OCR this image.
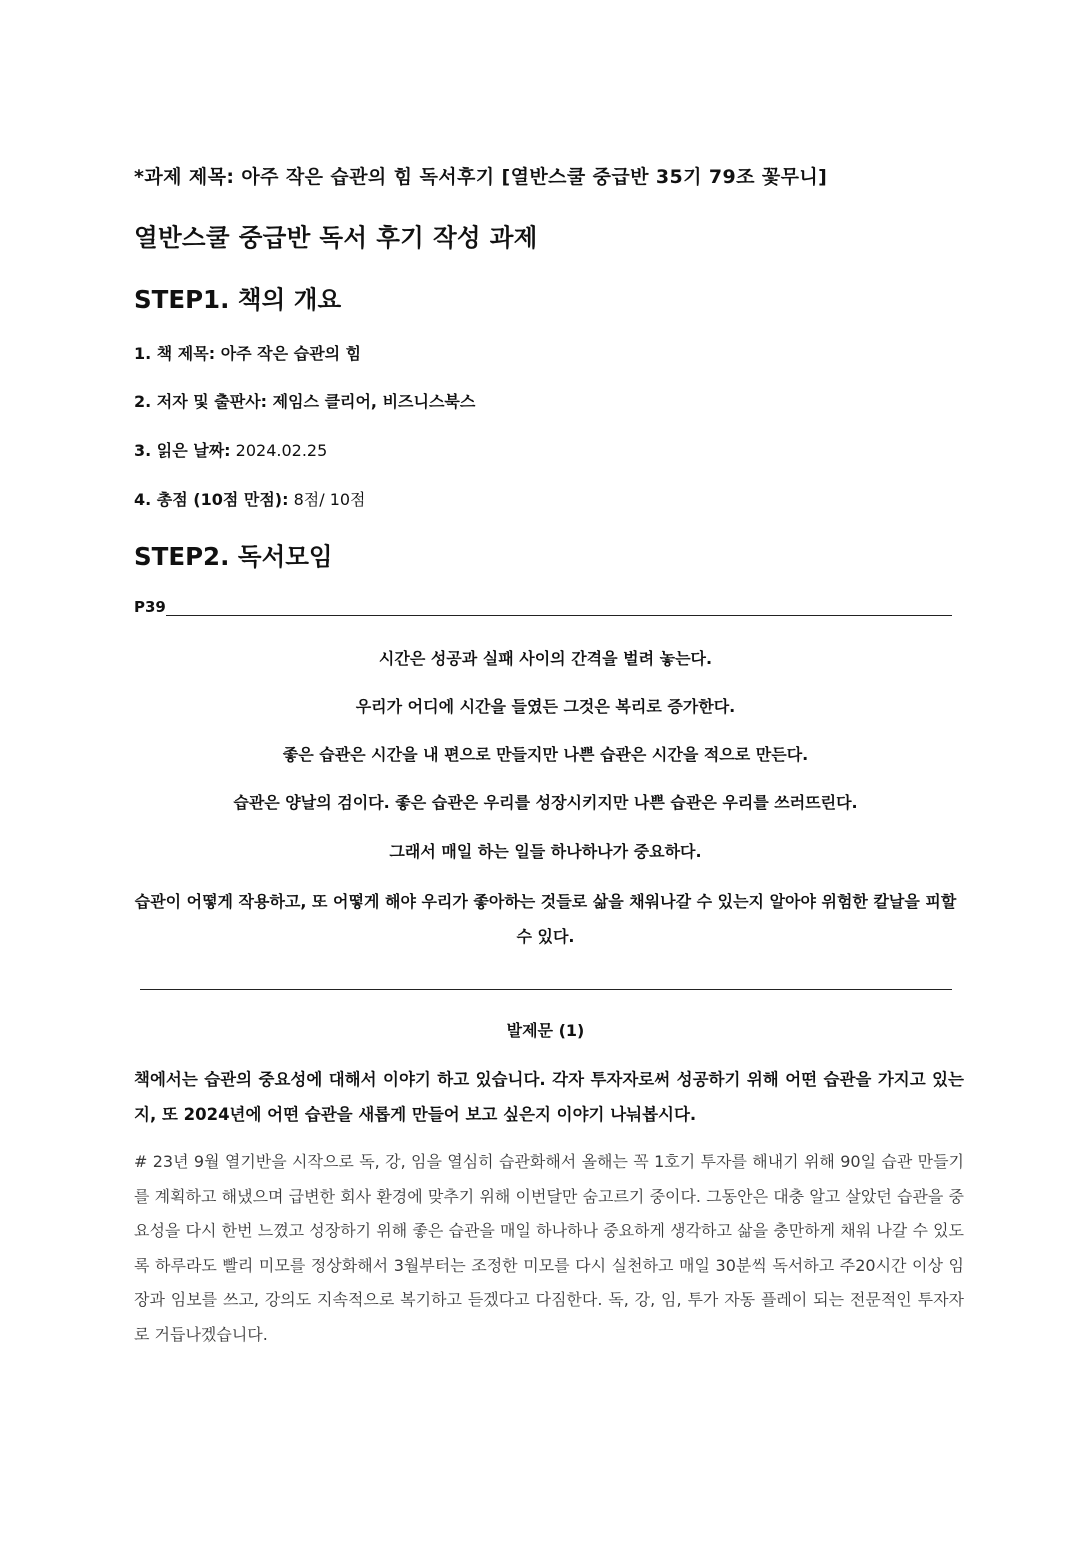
*과제 제목: 아주 작은 습관의 힘 독서후기 [열반스쿨 중급반 35기 79조 꽃무니]
열반스쿨 중급반 독서 후기 작성 과제
STEP1. 책의 개요
1. 책 제목: 아주 작은 습관의 힘
2. 저자 및 출판사: 제임스 클리어, 비즈니스북스
3. 읽은 날짜: 2024.02.25
4. 총점 (10점 만점): 8점/ 10점
STEP2. 독서모임
P39
시간은 성공과 실패 사이의 간격을 벌려 놓는다.
우리가 어디에 시간을 들였든 그것은 복리로 증가한다.
좋은 습관은 시간을 내 편으로 만들지만 나쁜 습관은 시간을 적으로 만든다.
습관은 양날의 검이다. 좋은 습관은 우리를 성장시키지만 나쁜 습관은 우리를 쓰러뜨린다.
그래서 매일 하는 일들 하나하나가 중요하다.
습관이 어떻게 작용하고, 또 어떻게 해야 우리가 좋아하는 것들로 삶을 채워나갈 수 있는지 알아야 위험한 칼날을 피할 수 있다.
발제문 (1)
책에서는 습관의 중요성에 대해서 이야기 하고 있습니다. 각자 투자자로써 성공하기 위해 어떤 습관을 가지고 있는지, 또 2024년에 어떤 습관을 새롭게 만들어 보고 싶은지 이야기 나눠봅시다.
# 23년 9월 열기반을 시작으로 독, 강, 임을 열심히 습관화해서 올해는 꼭 1호기 투자를 해내기 위해 90일 습관 만들기를 계획하고 해냈으며 급변한 회사 환경에 맞추기 위해 이번달만 숨고르기 중이다. 그동안은 대충 알고 살았던 습관을 중요성을 다시 한번 느꼈고 성장하기 위해 좋은 습관을 매일 하나하나 중요하게 생각하고 삶을 충만하게 채워 나갈 수 있도록 하루라도 빨리 미모를 정상화해서 3월부터는 조정한 미모를 다시 실천하고 매일 30분씩 독서하고 주20시간 이상 임장과 임보를 쓰고, 강의도 지속적으로 복기하고 듣겠다고 다짐한다. 독, 강, 임, 투가 자동 플레이 되는 전문적인 투자자로 거듭나겠습니다.
